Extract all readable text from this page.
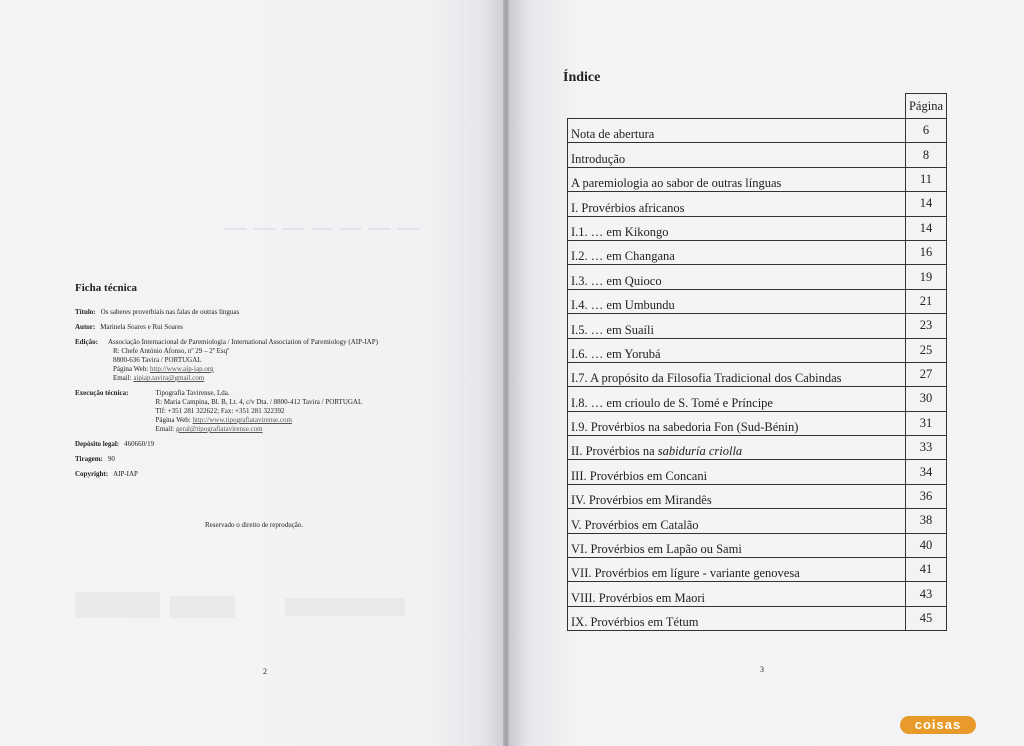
─ ─ ─ ─ ─ ─ ─
Ficha técnica
Título: Os saberes proverbiais nas falas de outras línguas
Autor: Marinela Soares e Rui Soares
Edição: Associação Internacional de Paremiologia / International Association of Paremiology (AIP-IAP)
R: Chefe António Afonso, nº 29 – 2º Esqº
8800-636 Tavira / PORTUGAL
Página Web: http://www.aip-iap.org
Email: aipiap.tavira@gmail.com
Execução técnica:	Tipografia Tavirense, Lda.
R: Maria Campina, Bl. B, Lt. 4, c/v Dta. / 8800-412 Tavira / PORTUGAL
Tlf: +351 281 322622; Fax: +351 281 322392
Página Web: http://www.tipografiatavirense.com
Email: geral@tipografiatavirense.com
Depósito legal: 460660/19
Tiragem: 90
Copyright: AIP-IAP
Reservado o direito de reprodução.
2
Índice
	Página
Nota de abertura	6
Introdução	8
A paremiologia ao sabor de outras línguas	11
I. Provérbios africanos	14
I.1. … em Kikongo	14
I.2. … em Changana	16
I.3. … em Quioco	19
I.4. … em Umbundu	21
I.5. … em Suaíli	23
I.6. … em Yorubá	25
I.7. A propósito da Filosofia Tradicional dos Cabindas	27
I.8. … em crioulo de S. Tomé e Príncipe	30
I.9. Provérbios na sabedoria Fon (Sud-Bénin)	31
II. Provérbios na sabiduría criolla	33
III. Provérbios em Concani	34
IV. Provérbios em Mirandês	36
V. Provérbios em Catalão	38
VI. Provérbios em Lapão ou Sami	40
VII. Provérbios em lígure - variante genovesa	41
VIII. Provérbios em Maori	43
IX. Provérbios em Tétum	45
3
coisas
